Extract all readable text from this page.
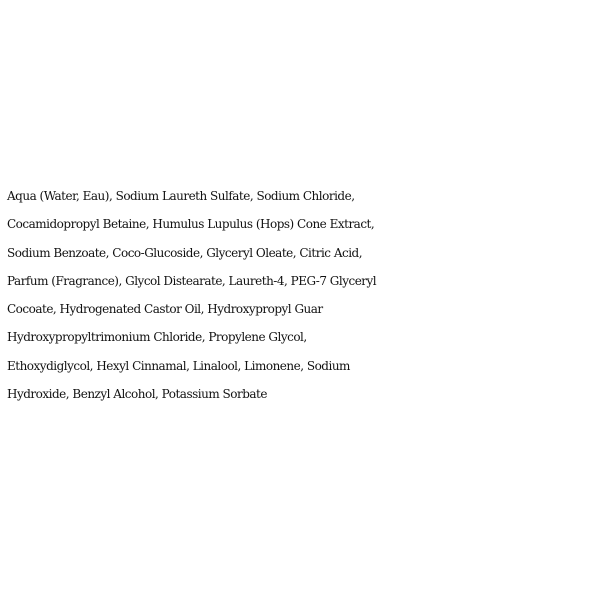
Aqua (Water, Eau), Sodium Laureth Sulfate, Sodium Chloride,
Cocamidopropyl Betaine, Humulus Lupulus (Hops) Cone Extract,
Sodium Benzoate, Coco-Glucoside, Glyceryl Oleate, Citric Acid,
Parfum (Fragrance), Glycol Distearate, Laureth-4, PEG-7 Glyceryl
Cocoate, Hydrogenated Castor Oil, Hydroxypropyl Guar
Hydroxypropyltrimonium Chloride, Propylene Glycol,
Ethoxydiglycol, Hexyl Cinnamal, Linalool, Limonene, Sodium
Hydroxide, Benzyl Alcohol, Potassium Sorbate
